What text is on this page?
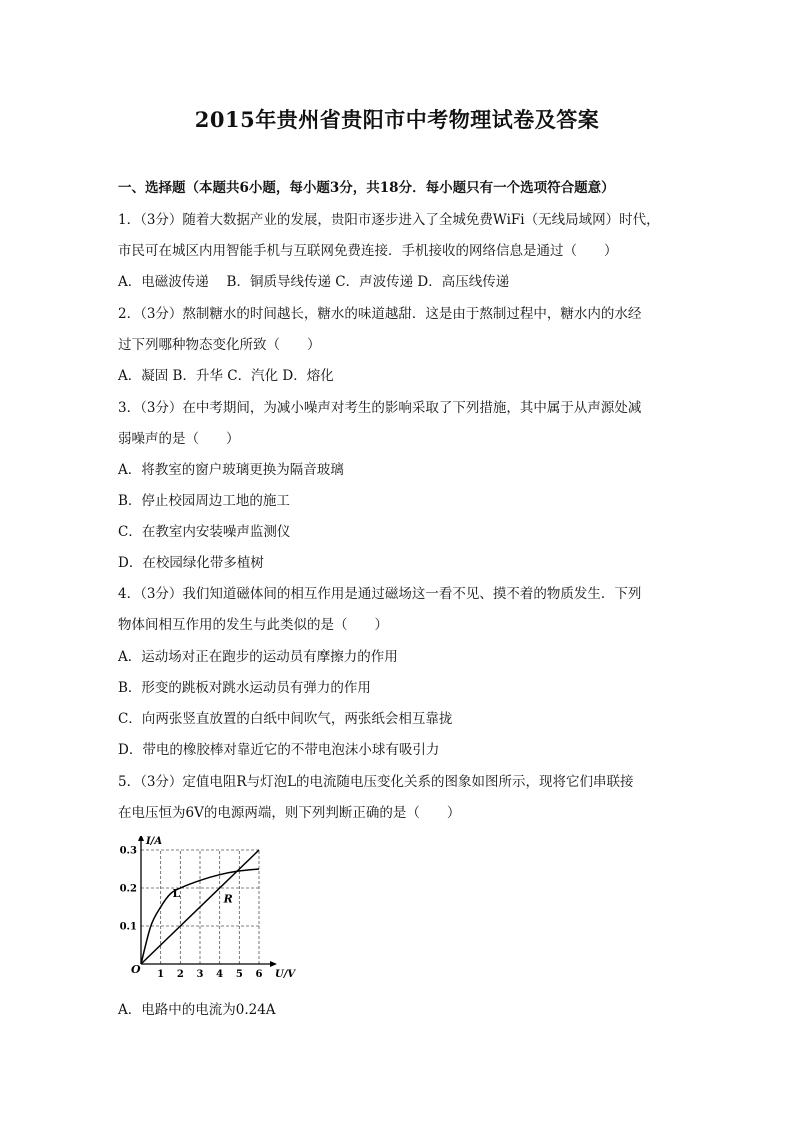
2015年贵州省贵阳市中考物理试卷及答案
一、选择题（本题共6小题，每小题3分，共18分．每小题只有一个选项符合题意）
1．（3分）随着大数据产业的发展，贵阳市逐步进入了全城免费WiFi（无线局域网）时代，
市民可在城区内用智能手机与互联网免费连接．手机接收的网络信息是通过（　　）
A．电磁波传递　 B．铜质导线传递 C．声波传递 D．高压线传递
2．（3分）熬制糖水的时间越长，糖水的味道越甜．这是由于熬制过程中，糖水内的水经
过下列哪种物态变化所致（　　）
A．凝固 B．升华 C．汽化 D．熔化
3．（3分）在中考期间，为减小噪声对考生的影响采取了下列措施，其中属于从声源处减
弱噪声的是（　　）
A．将教室的窗户玻璃更换为隔音玻璃
B．停止校园周边工地的施工
C．在教室内安装噪声监测仪
D．在校园绿化带多植树
4．（3分）我们知道磁体间的相互作用是通过磁场这一看不见、摸不着的物质发生．下列
物体间相互作用的发生与此类似的是（　　）
A．运动场对正在跑步的运动员有摩擦力的作用
B．形变的跳板对跳水运动员有弹力的作用
C．向两张竖直放置的白纸中间吹气，两张纸会相互靠拢
D．带电的橡胶棒对靠近它的不带电泡沫小球有吸引力
5．（3分）定值电阻R与灯泡L的电流随电压变化关系的图象如图所示，现将它们串联接
在电压恒为6V的电源两端，则下列判断正确的是（　　）
1 2 3 4 5 6
0.1
0.2
0.3
O	U/V
I/A
L	R
A．电路中的电流为0.24A
